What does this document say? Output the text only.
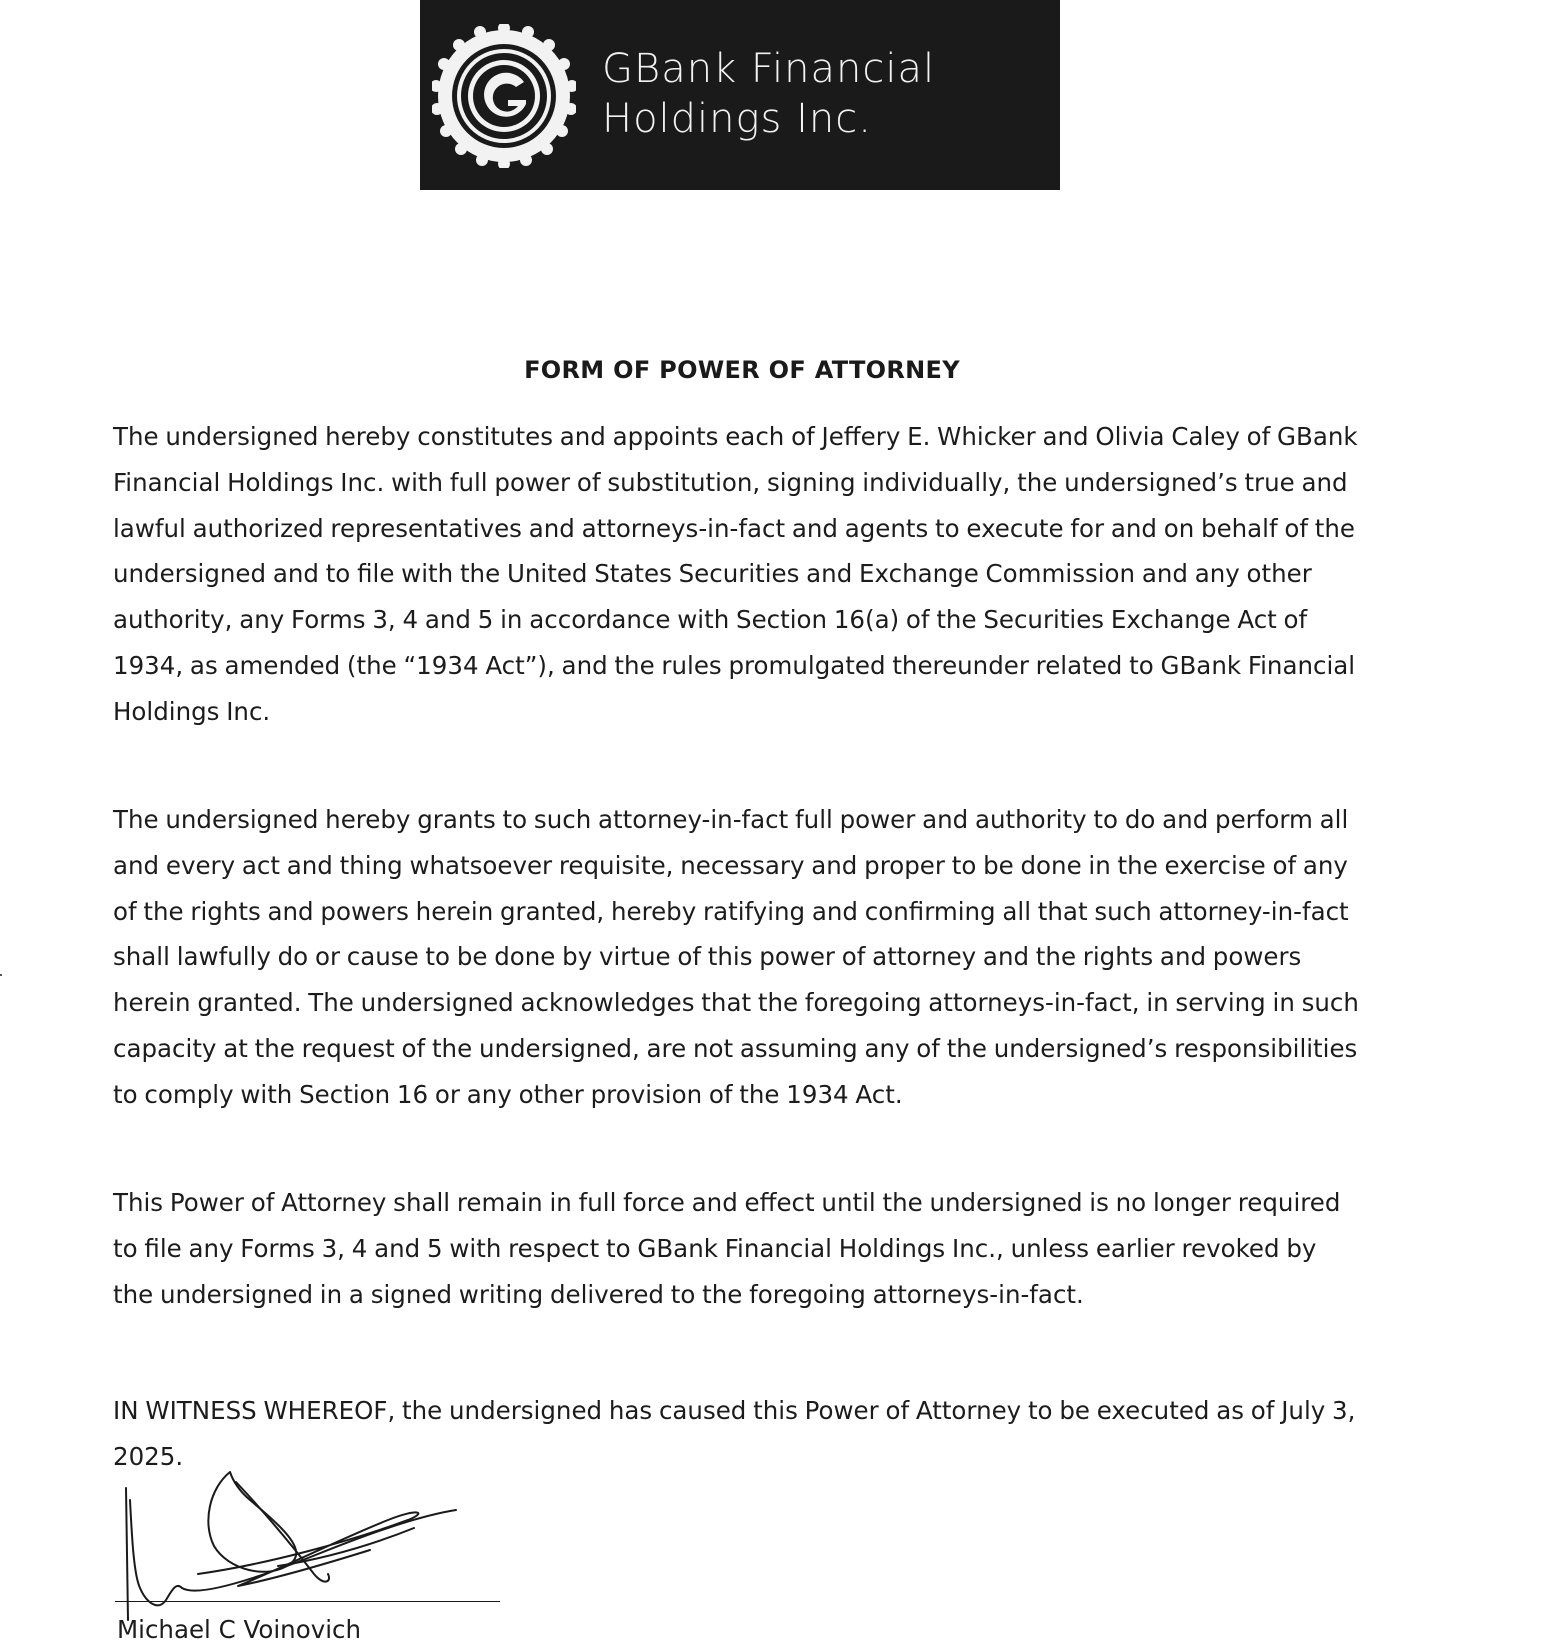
GBank Financial
Holdings Inc.
FORM OF POWER OF ATTORNEY

The undersigned hereby constitutes and appoints each of Jeffery E. Whicker and Olivia Caley of GBank Financial Holdings Inc. with full power of substitution, signing individually, the undersigned’s true and lawful authorized representatives and attorneys-in-fact and agents to execute for and on behalf of the undersigned and to file with the United States Securities and Exchange Commission and any other authority, any Forms 3, 4 and 5 in accordance with Section 16(a) of the Securities Exchange Act of 1934, as amended (the “1934 Act”), and the rules promulgated thereunder related to GBank Financial Holdings Inc.

The undersigned hereby grants to such attorney-in-fact full power and authority to do and perform all and every act and thing whatsoever requisite, necessary and proper to be done in the exercise of any of the rights and powers herein granted, hereby ratifying and confirming all that such attorney-in-fact shall lawfully do or cause to be done by virtue of this power of attorney and the rights and powers herein granted. The undersigned acknowledges that the foregoing attorneys-in-fact, in serving in such capacity at the request of the undersigned, are not assuming any of the undersigned’s responsibilities to comply with Section 16 or any other provision of the 1934 Act.

This Power of Attorney shall remain in full force and effect until the undersigned is no longer required to file any Forms 3, 4 and 5 with respect to GBank Financial Holdings Inc., unless earlier revoked by the undersigned in a signed writing delivered to the foregoing attorneys-in-fact.

IN WITNESS WHEREOF, the undersigned has caused this Power of Attorney to be executed as of July 3, 2025.

Michael C Voinovich
